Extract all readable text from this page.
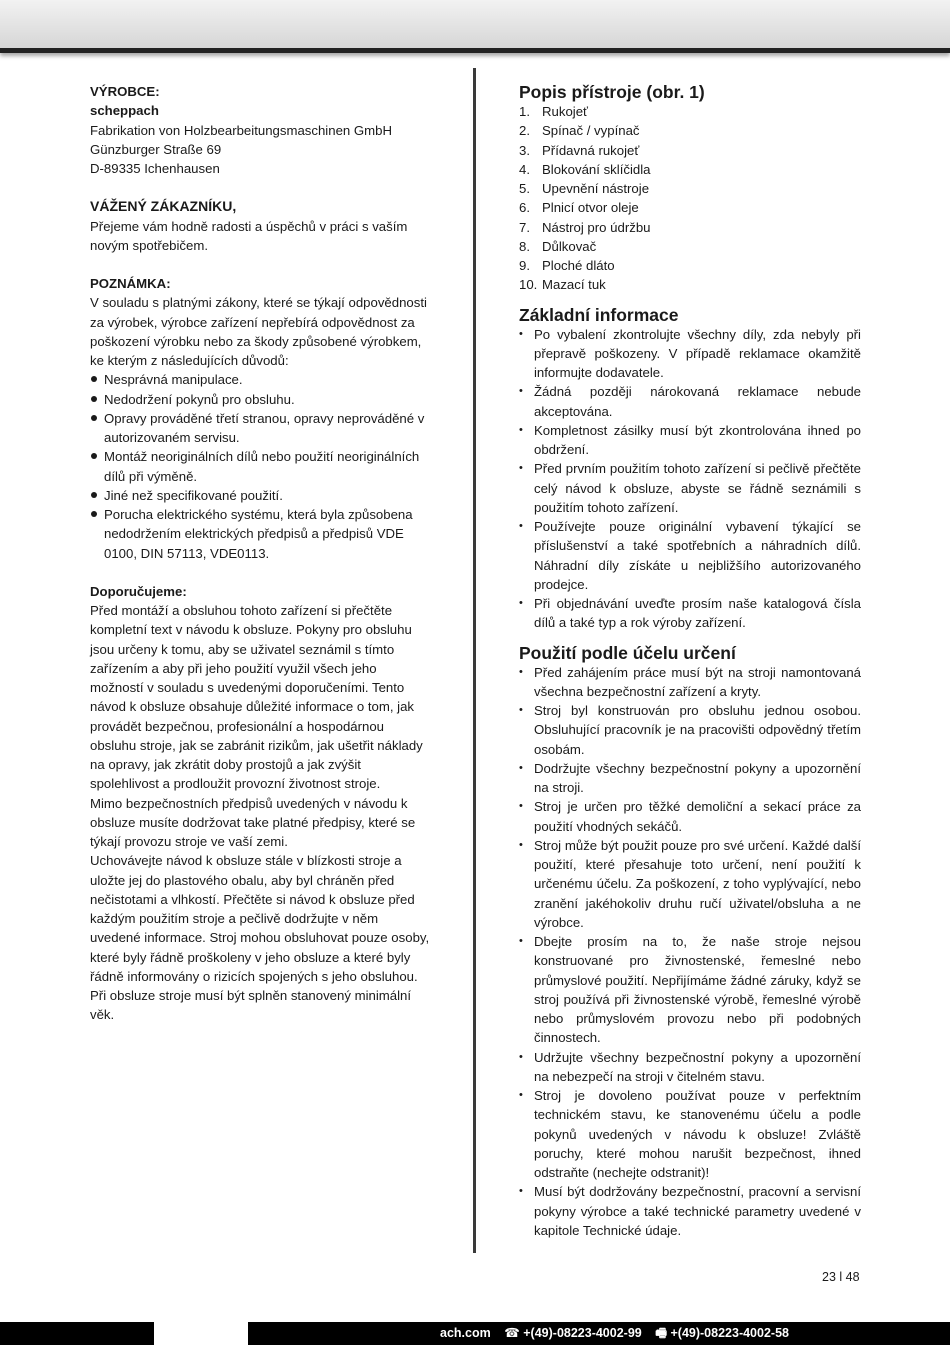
VÝROBCE:

scheppach

Fabrikation von Holzbearbeitungsmaschinen GmbH

Günzburger Straße 69

D-89335 Ichenhausen

VÁŽENÝ ZÁKAZNÍKU,

Přejeme vám hodně radosti a úspěchů v práci s vaším novým spotřebičem.

POZNÁMKA:

V souladu s platnými zákony, které se týkají odpovědnosti za výrobek, výrobce zařízení nepřebírá odpovědnost za poškození výrobku nebo za škody způsobené výrobkem, ke kterým z následujících důvodů:

Nesprávná manipulace.
Nedodržení pokynů pro obsluhu.
Opravy prováděné třetí stranou, opravy neprováděné v autorizovaném servisu.
Montáž neoriginálních dílů nebo použití neoriginálních dílů při výměně.
Jiné než specifikované použití.
Porucha elektrického systému, která byla způsobena nedodržením elektrických předpisů a předpisů VDE 0100, DIN 57113, VDE0113.

Doporučujeme:

Před montáží a obsluhou tohoto zařízení si přečtěte kompletní text v návodu k obsluze. Pokyny pro obsluhu jsou určeny k tomu, aby se uživatel seznámil s tímto zařízením a aby při jeho použití využil všech jeho možností v souladu s uvedenými doporučeními. Tento návod k obsluze obsahuje důležité informace o tom, jak provádět bezpečnou, profesionální a hospodárnou obsluhu stroje, jak se zabránit rizikům, jak ušetřit náklady na opravy, jak zkrátit doby prostojů a jak zvýšit spolehlivost a prodloužit provozní životnost stroje.

Mimo bezpečnostních předpisů uvedených v návodu k obsluze musíte dodržovat take platné předpisy, které se týkají provozu stroje ve vaší zemi.

Uchovávejte návod k obsluze stále v blízkosti stroje a uložte jej do plastového obalu, aby byl chráněn před nečistotami a vlhkostí. Přečtěte si návod k obsluze před každým použitím stroje a pečlivě dodržujte v něm uvedené informace. Stroj mohou obsluhovat pouze osoby, které byly řádně proškoleny v jeho obsluze a které byly řádně informovány o rizicích spojených s jeho obsluhou. Při obsluze stroje musí být splněn stanovený minimální věk.

Popis přístroje (obr. 1)

1. Rukojeť
2. Spínač / vypínač
3. Přídavná rukojeť
4. Blokování sklíčidla
5. Upevnění nástroje
6. Plnicí otvor oleje
7. Nástroj pro údržbu
8. Důlkovač
9. Ploché dláto
10. Mazací tuk

Základní informace

• Po vybalení zkontrolujte všechny díly, zda nebyly při přepravě poškozeny. V případě reklamace okamžitě informujte dodavatele.
• Žádná později nárokovaná reklamace nebude akceptována.
• Kompletnost zásilky musí být zkontrolována ihned po obdržení.
• Před prvním použitím tohoto zařízení si pečlivě přečtěte celý návod k obsluze, abyste se řádně seznámili s použitím tohoto zařízení.
• Používejte pouze originální vybavení týkající se příslušenství a také spotřebních a náhradních dílů. Náhradní díly získáte u nejbližšího autorizovaného prodejce.
• Při objednávání uveďte prosím naše katalogová čísla dílů a také typ a rok výroby zařízení.

Použití podle účelu určení

• Před zahájením práce musí být na stroji namontovaná všechna bezpečnostní zařízení a kryty.
• Stroj byl konstruován pro obsluhu jednou osobou. Obsluhující pracovník je na pracovišti odpovědný třetím osobám.
• Dodržujte všechny bezpečnostní pokyny a upozornění na stroji.
• Stroj je určen pro těžké demoliční a sekací práce za použití vhodných sekáčů.
• Stroj může být použit pouze pro své určení. Každé další použití, které přesahuje toto určení, není použití k určenému účelu. Za poškození, z toho vyplývající, nebo zranění jakéhokoliv druhu ručí uživatel/obsluha a ne výrobce.
• Dbejte prosím na to, že naše stroje nejsou konstruované pro živnostenské, řemeslné nebo průmyslové použití. Nepřijímáme žádné záruky, když se stroj používá při živnostenské výrobě, řemeslné výrobě nebo průmyslovém provozu nebo při podobných činnostech.
• Udržujte všechny bezpečnostní pokyny a upozornění na nebezpečí na stroji v čitelném stavu.
• Stroj je dovoleno používat pouze v perfektním technickém stavu, ke stanovenému účelu a podle pokynů uvedených v návodu k obsluze! Zvláště poruchy, které mohou narušit bezpečnost, ihned odstraňte (nechejte odstranit)!
• Musí být dodržovány bezpečnostní, pracovní a servisní pokyny výrobce a také technické parametry uvedené v kapitole Technické údaje.
23 l 48
ach.com ☎ +(49)-08223-4002-99 🖷 +(49)-08223-4002-58
